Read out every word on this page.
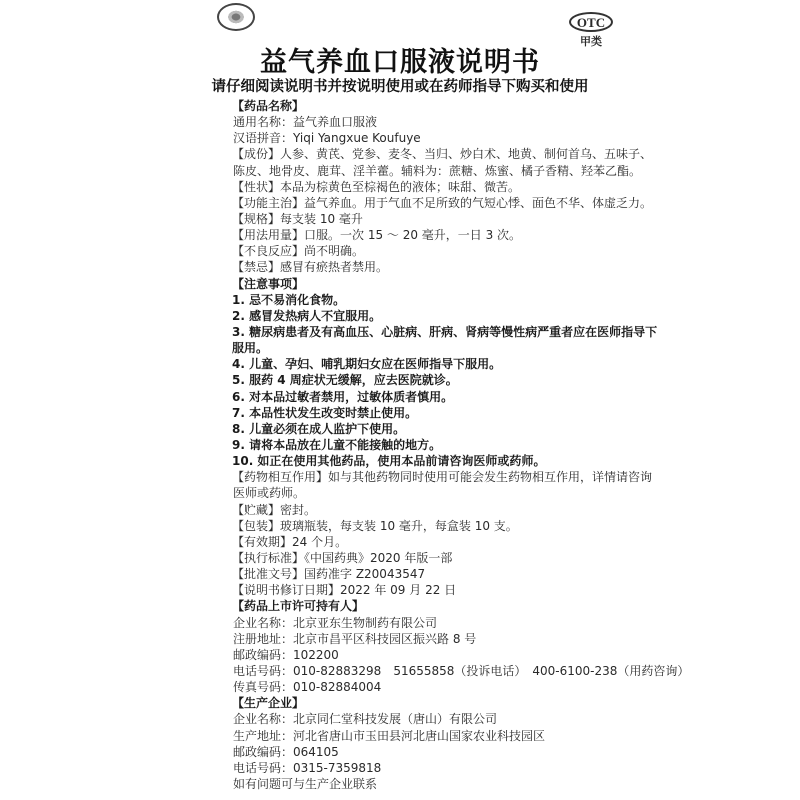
OTC
甲类
益气养血口服液说明书
请仔细阅读说明书并按说明使用或在药师指导下购买和使用
【药品名称】
通用名称：益气养血口服液
汉语拼音：Yiqi Yangxue Koufuye
【成份】人参、黄芪、党参、麦冬、当归、炒白术、地黄、制何首乌、五味子、
陈皮、地骨皮、鹿茸、淫羊藿。辅料为：蔗糖、炼蜜、橘子香精、羟苯乙酯。
【性状】本品为棕黄色至棕褐色的液体；味甜、微苦。
【功能主治】益气养血。用于气血不足所致的气短心悸、面色不华、体虚乏力。
【规格】每支装 10 毫升
【用法用量】口服。一次 15 ～ 20 毫升，一日 3 次。
【不良反应】尚不明确。
【禁忌】感冒有瘀热者禁用。
【注意事项】
1. 忌不易消化食物。
2. 感冒发热病人不宜服用。
3. 糖尿病患者及有高血压、心脏病、肝病、肾病等慢性病严重者应在医师指导下
服用。
4. 儿童、孕妇、哺乳期妇女应在医师指导下服用。
5. 服药 4 周症状无缓解，应去医院就诊。
6. 对本品过敏者禁用，过敏体质者慎用。
7. 本品性状发生改变时禁止使用。
8. 儿童必须在成人监护下使用。
9. 请将本品放在儿童不能接触的地方。
10. 如正在使用其他药品，使用本品前请咨询医师或药师。
【药物相互作用】如与其他药物同时使用可能会发生药物相互作用，详情请咨询
医师或药师。
【贮藏】密封。
【包装】玻璃瓶装，每支装 10 毫升，每盒装 10 支。
【有效期】24 个月。
【执行标准】《中国药典》2020 年版一部
【批准文号】国药准字 Z20043547
【说明书修订日期】2022 年 09 月 22 日
【药品上市许可持有人】
企业名称：北京亚东生物制药有限公司
注册地址：北京市昌平区科技园区振兴路 8 号
邮政编码：102200
电话号码：010-82883298　51655858（投诉电话）　400-6100-238（用药咨询）
传真号码：010-82884004
【生产企业】
企业名称：北京同仁堂科技发展（唐山）有限公司
生产地址：河北省唐山市玉田县河北唐山国家农业科技园区
邮政编码：064105
电话号码：0315-7359818
如有问题可与生产企业联系
